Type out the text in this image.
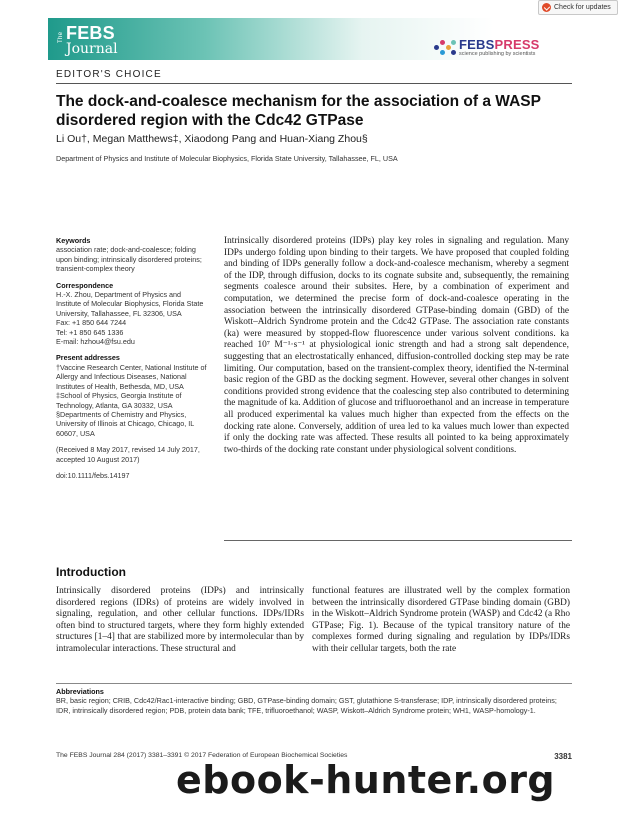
Check for updates
The FEBS
Journal	FEBSPRESS
science publishing by scientists
EDITOR'S CHOICE
The dock-and-coalesce mechanism for the association of a WASP disordered region with the Cdc42 GTPase
Li Ou†, Megan Matthews‡, Xiaodong Pang and Huan-Xiang Zhou§
Department of Physics and Institute of Molecular Biophysics, Florida State University, Tallahassee, FL, USA

Keywords

association rate; dock-and-coalesce; folding upon binding; intrinsically disordered proteins; transient-complex theory

Correspondence

H.-X. Zhou, Department of Physics and Institute of Molecular Biophysics, Florida State University, Tallahassee, FL 32306, USA

Fax: +1 850 644 7244

Tel: +1 850 645 1336

E-mail: hzhou4@fsu.edu

Present addresses

†Vaccine Research Center, National Institute of Allergy and Infectious Diseases, National Institutes of Health, Bethesda, MD, USA

‡School of Physics, Georgia Institute of Technology, Atlanta, GA 30332, USA

§Departments of Chemistry and Physics, University of Illinois at Chicago, Chicago, IL 60607, USA

(Received 8 May 2017, revised 14 July 2017, accepted 10 August 2017)

doi:10.1111/febs.14197

Intrinsically disordered proteins (IDPs) play key roles in signaling and regulation. Many IDPs undergo folding upon binding to their targets. We have proposed that coupled folding and binding of IDPs generally follow a dock-and-coalesce mechanism, whereby a segment of the IDP, through diffusion, docks to its cognate subsite and, subsequently, the remaining segments coalesce around their subsites. Here, by a combination of experiment and computation, we determined the precise form of dock-and-coalesce operating in the association between the intrinsically disordered GTPase-binding domain (GBD) of the Wiskott–Aldrich Syndrome protein and the Cdc42 GTPase. The association rate constants (ka) were measured by stopped-flow fluorescence under various solvent conditions. ka reached 10⁷ M⁻¹·s⁻¹ at physiological ionic strength and had a strong salt dependence, suggesting that an electrostatically enhanced, diffusion-controlled docking step may be rate limiting. Our computation, based on the transient-complex theory, identified the N-terminal basic region of the GBD as the docking segment. However, several other changes in solvent conditions provided strong evidence that the coalescing step also contributed to determining the magnitude of ka. Addition of glucose and trifluoroethanol and an increase in temperature all produced experimental ka values much higher than expected from the effects on the docking rate alone. Conversely, addition of urea led to ka values much lower than expected if only the docking rate was affected. These results all pointed to ka being approximately two-thirds of the docking rate constant under physiological solvent conditions.
Introduction
Intrinsically disordered proteins (IDPs) and intrinsically disordered regions (IDRs) of proteins are widely involved in signaling, regulation, and other cellular functions. IDPs/IDRs often bind to structured targets, where they form highly extended structures [1–4] that are stabilized more by intermolecular than by intramolecular interactions. These structural and
functional features are illustrated well by the complex formation between the intrinsically disordered GTPase binding domain (GBD) in the Wiskott–Aldrich Syndrome protein (WASP) and Cdc42 (a Rho GTPase; Fig. 1). Because of the typical transitory nature of the complexes formed during signaling and regulation by IDPs/IDRs with their cellular targets, both the rate
Abbreviations
BR, basic region; CRIB, Cdc42/Rac1-interactive binding; GBD, GTPase-binding domain; GST, glutathione S-transferase; IDP, intrinsically disordered proteins; IDR, intrinsically disordered region; PDB, protein data bank; TFE, trifluoroethanol; WASP, Wiskott–Aldrich Syndrome protein; WH1, WASP-homology-1.
The FEBS Journal 284 (2017) 3381–3391 © 2017 Federation of European Biochemical Societies	3381
ebook-hunter.org
